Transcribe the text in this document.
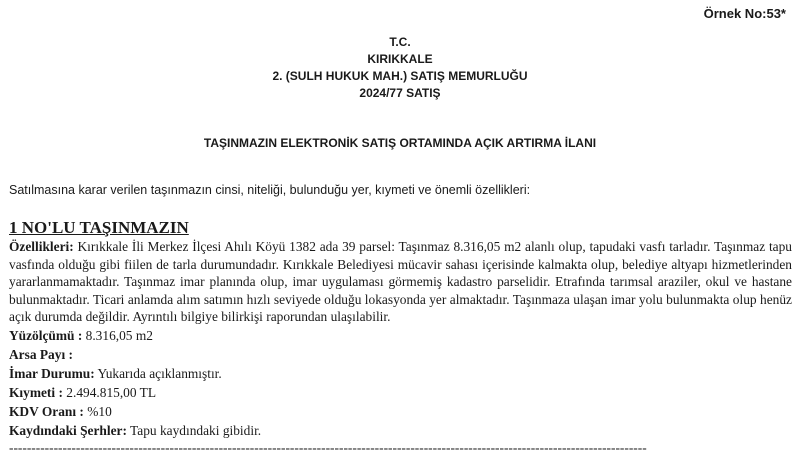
Örnek No:53*
T.C.
KIRIKKALE
2. (SULH HUKUK MAH.) SATIŞ MEMURLUĞU
2024/77 SATIŞ
TAŞINMAZIN ELEKTRONİK SATIŞ ORTAMINDA AÇIK ARTIRMA İLANI
Satılmasına karar verilen taşınmazın cinsi, niteliği, bulunduğu yer, kıymeti ve önemli özellikleri:
1 NO'LU TAŞINMAZIN

Özellikleri: Kırıkkale İli Merkez İlçesi Ahılı Köyü 1382 ada 39 parsel: Taşınmaz 8.316,05 m2 alanlı olup, tapudaki vasfı tarladır. Taşınmaz tapu vasfında olduğu gibi fiilen de tarla durumundadır. Kırıkkale Belediyesi mücavir sahası içerisinde kalmakta olup, belediye altyapı hizmetlerinden yararlanmamaktadır. Taşınmaz imar planında olup, imar uygulaması görmemiş kadastro parselidir. Etrafında tarımsal araziler, okul ve hastane bulunmaktadır. Ticari anlamda alım satımın hızlı seviyede olduğu lokasyonda yer almaktadır. Taşınmaza ulaşan imar yolu bulunmakta olup henüz açık durumda değildir. Ayrıntılı bilgiye bilirkişi raporundan ulaşılabilir.

Yüzölçümü : 8.316,05 m2

Arsa Payı :

İmar Durumu: Yukarıda açıklanmıştır.

Kıymeti : 2.494.815,00 TL

KDV Oranı : %10

Kaydındaki Şerhler: Tapu kaydındaki gibidir.

-----------------------------------------------------------------------------------------------------------------------------------------------
